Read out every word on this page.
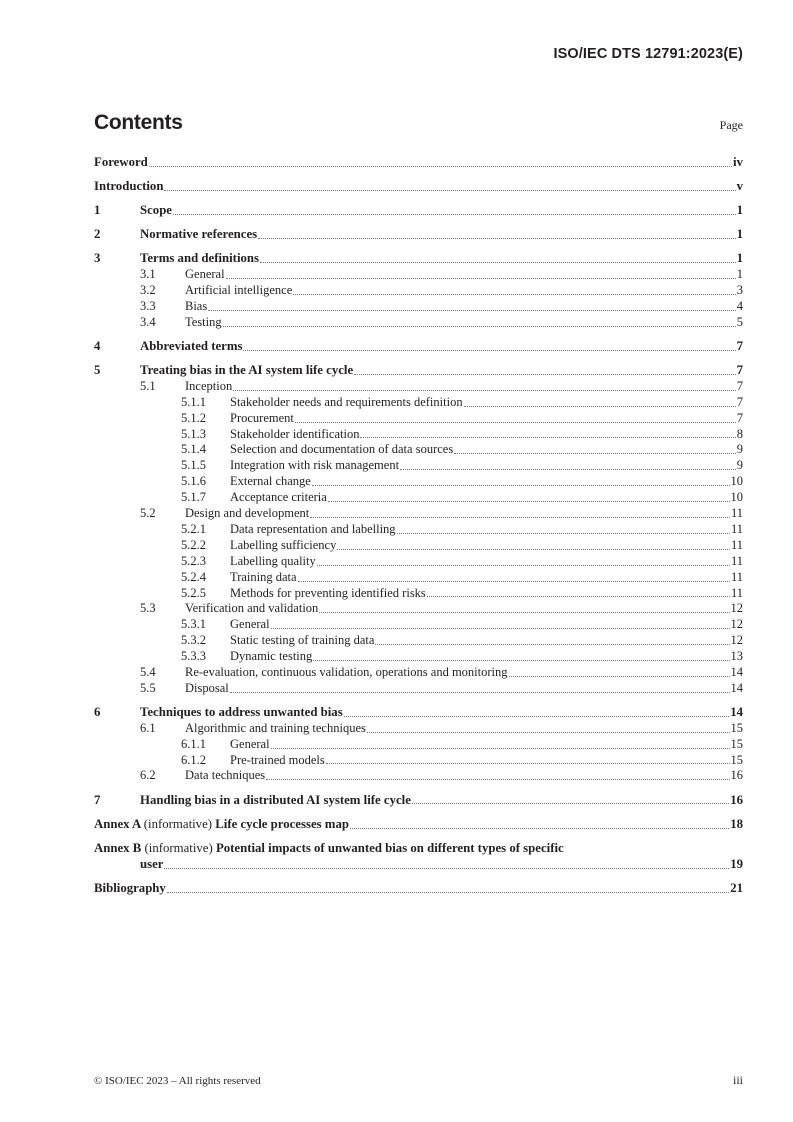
ISO/IEC DTS 12791:2023(E)
Contents	Page
Foreword	iv
Introduction	v
1	Scope	1
2	Normative references	1
3	Terms and definitions	1
3.1	General	1
3.2	Artificial intelligence	3
3.3	Bias	4
3.4	Testing	5
4	Abbreviated terms	7
5	Treating bias in the AI system life cycle	7
5.1	Inception	7
5.1.1	Stakeholder needs and requirements definition	7
5.1.2	Procurement	7
5.1.3	Stakeholder identification	8
5.1.4	Selection and documentation of data sources	9
5.1.5	Integration with risk management	9
5.1.6	External change	10
5.1.7	Acceptance criteria	10
5.2	Design and development	11
5.2.1	Data representation and labelling	11
5.2.2	Labelling sufficiency	11
5.2.3	Labelling quality	11
5.2.4	Training data	11
5.2.5	Methods for preventing identified risks	11
5.3	Verification and validation	12
5.3.1	General	12
5.3.2	Static testing of training data	12
5.3.3	Dynamic testing	13
5.4	Re-evaluation, continuous validation, operations and monitoring	14
5.5	Disposal	14
6	Techniques to address unwanted bias	14
6.1	Algorithmic and training techniques	15
6.1.1	General	15
6.1.2	Pre-trained models	15
6.2	Data techniques	16
7	Handling bias in a distributed AI system life cycle	16
Annex A (informative) Life cycle processes map	18
Annex B (informative) Potential impacts of unwanted bias on different types of specific
user	19
Bibliography	21
© ISO/IEC 2023 – All rights reserved	iii
